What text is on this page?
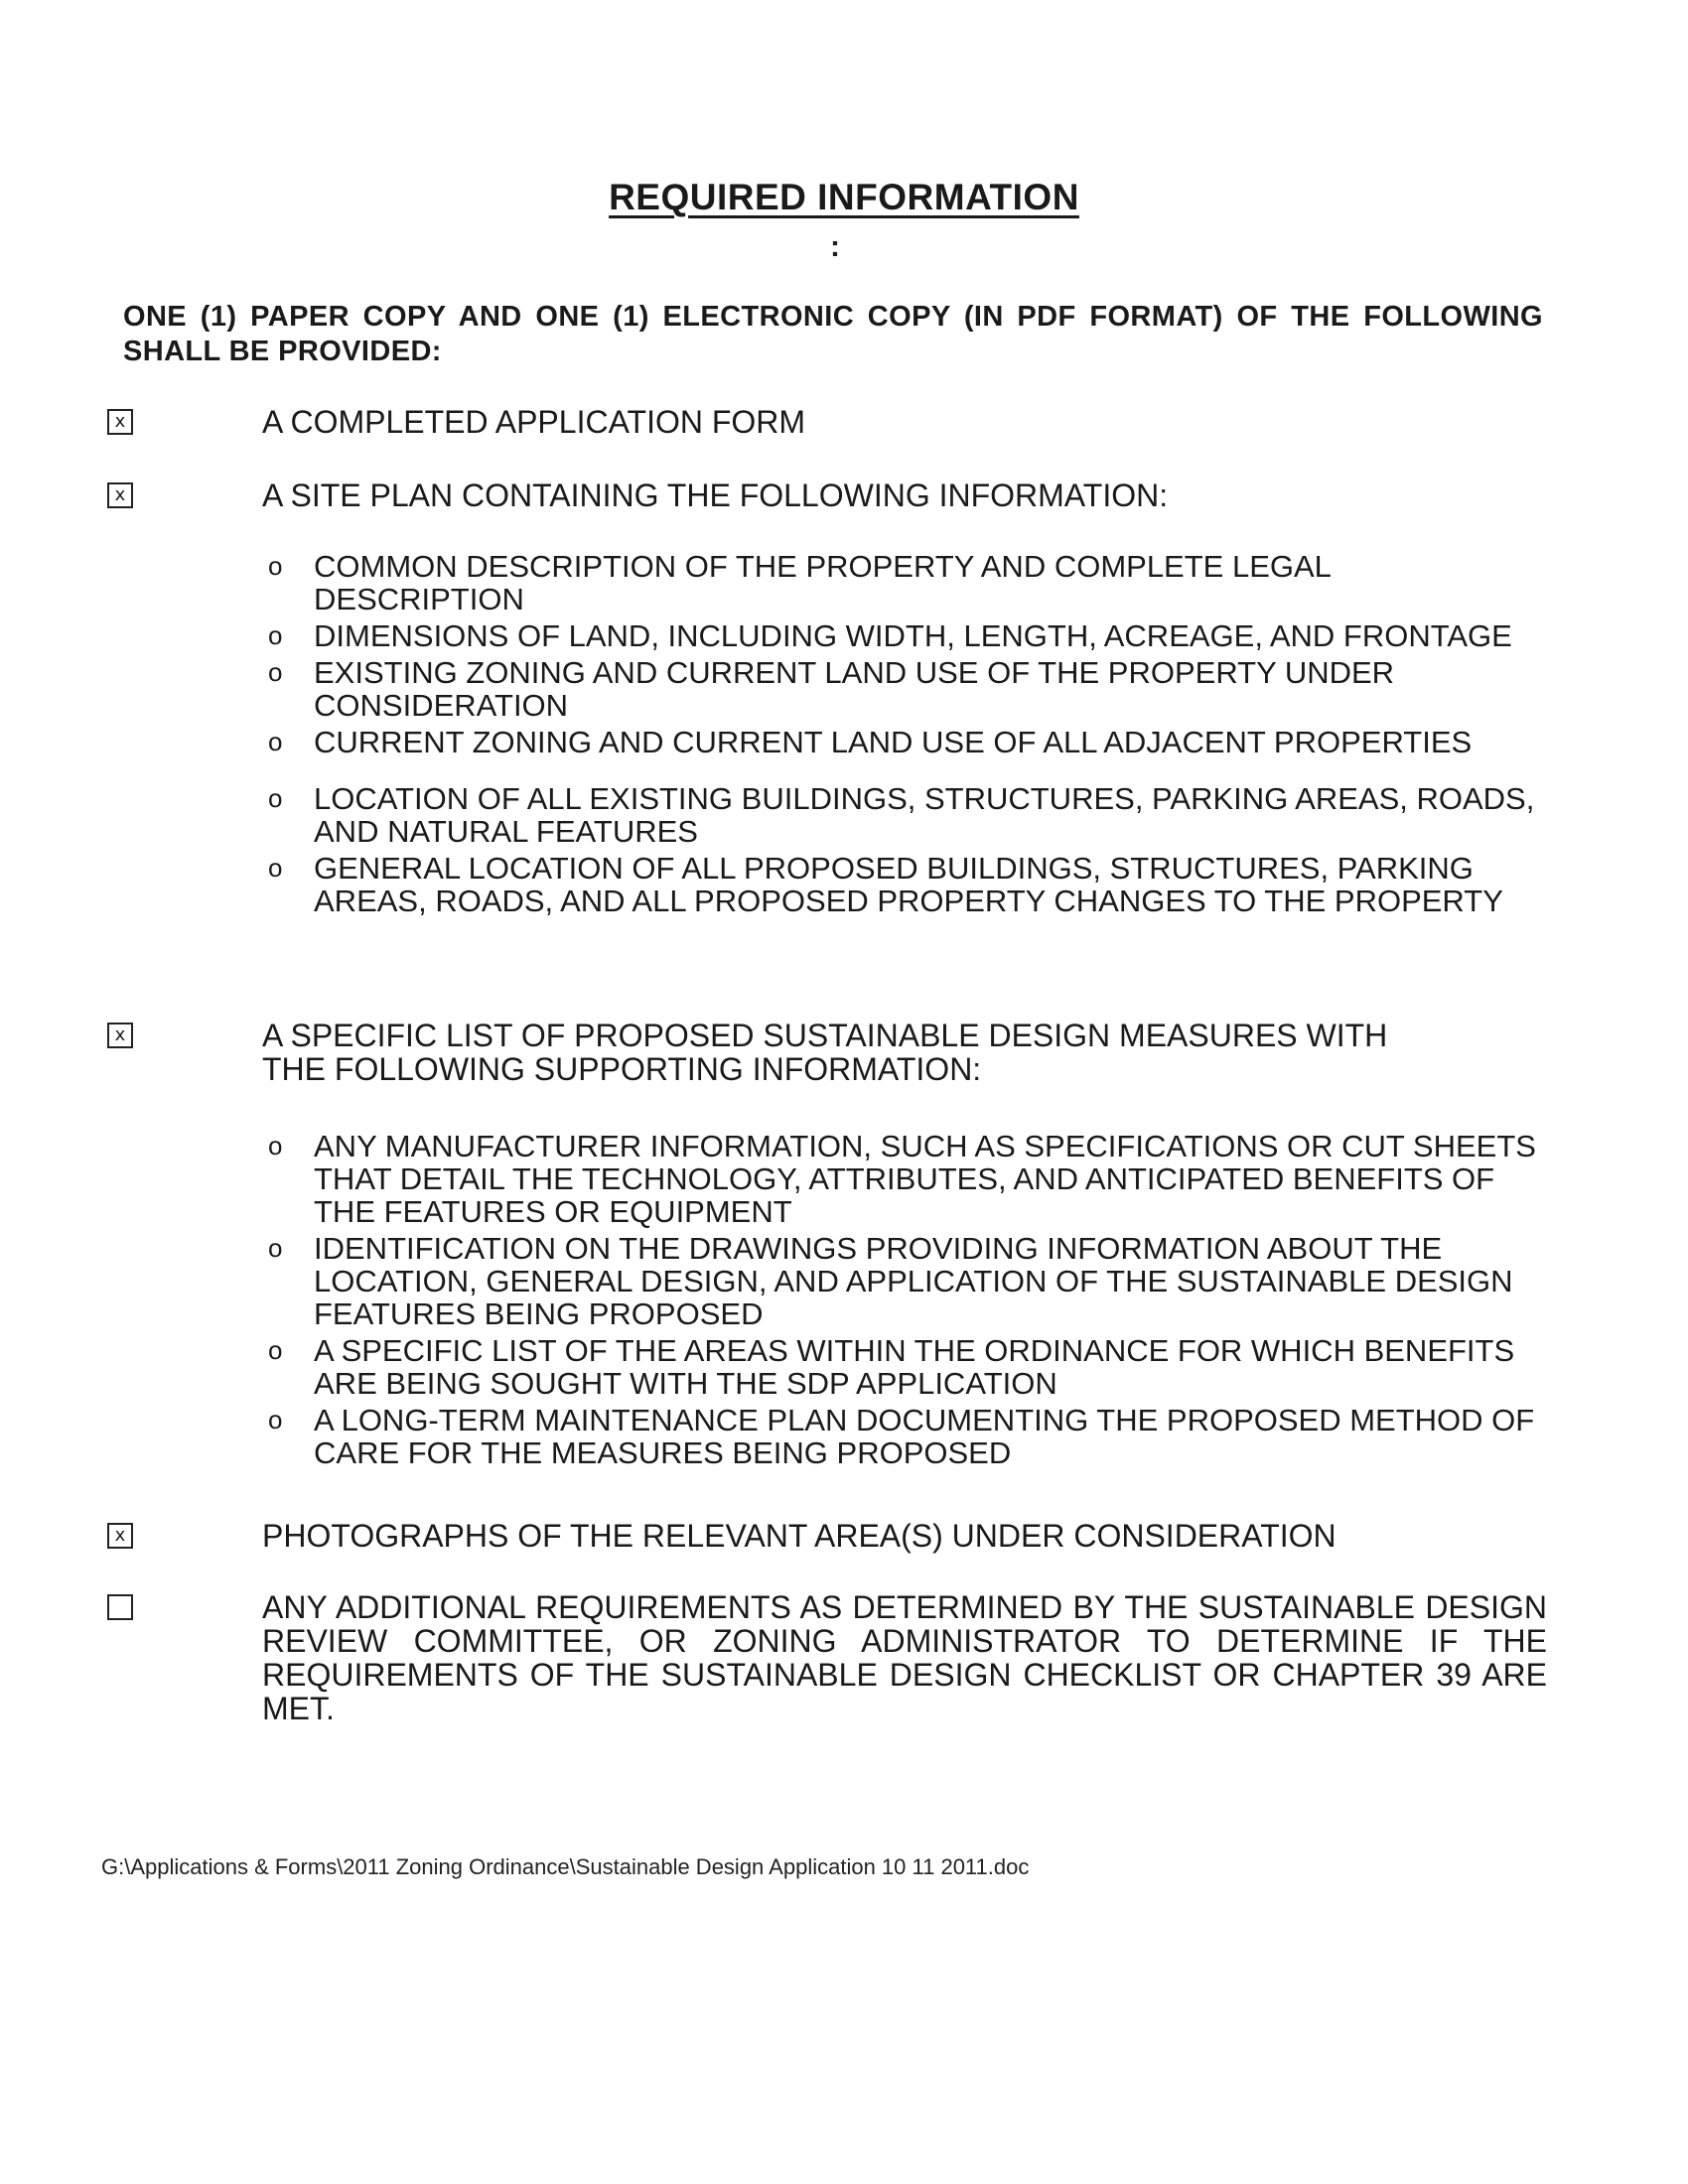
REQUIRED INFORMATION
:
ONE (1) PAPER COPY AND ONE (1) ELECTRONIC COPY (IN PDF FORMAT) OF THE FOLLOWING SHALL BE PROVIDED:
x	A COMPLETED APPLICATION FORM
x	A SITE PLAN CONTAINING THE FOLLOWING INFORMATION:
o COMMON DESCRIPTION OF THE PROPERTY AND COMPLETE LEGAL DESCRIPTION
o DIMENSIONS OF LAND, INCLUDING WIDTH, LENGTH, ACREAGE, AND FRONTAGE
o EXISTING ZONING AND CURRENT LAND USE OF THE PROPERTY UNDER CONSIDERATION
o CURRENT ZONING AND CURRENT LAND USE OF ALL ADJACENT PROPERTIES
o LOCATION OF ALL EXISTING BUILDINGS, STRUCTURES, PARKING AREAS, ROADS, AND NATURAL FEATURES
o GENERAL LOCATION OF ALL PROPOSED BUILDINGS, STRUCTURES, PARKING AREAS, ROADS, AND ALL PROPOSED PROPERTY CHANGES TO THE PROPERTY
x	A SPECIFIC LIST OF PROPOSED SUSTAINABLE DESIGN MEASURES WITH THE FOLLOWING SUPPORTING INFORMATION:
o ANY MANUFACTURER INFORMATION, SUCH AS SPECIFICATIONS OR CUT SHEETS THAT DETAIL THE TECHNOLOGY, ATTRIBUTES, AND ANTICIPATED BENEFITS OF THE FEATURES OR EQUIPMENT
o IDENTIFICATION ON THE DRAWINGS PROVIDING INFORMATION ABOUT THE LOCATION, GENERAL DESIGN, AND APPLICATION OF THE SUSTAINABLE DESIGN FEATURES BEING PROPOSED
o A SPECIFIC LIST OF THE AREAS WITHIN THE ORDINANCE FOR WHICH BENEFITS ARE BEING SOUGHT WITH THE SDP APPLICATION
o A LONG-TERM MAINTENANCE PLAN DOCUMENTING THE PROPOSED METHOD OF CARE FOR THE MEASURES BEING PROPOSED
x	PHOTOGRAPHS OF THE RELEVANT AREA(S) UNDER CONSIDERATION
ANY ADDITIONAL REQUIREMENTS AS DETERMINED BY THE SUSTAINABLE DESIGN REVIEW COMMITTEE, OR ZONING ADMINISTRATOR TO DETERMINE IF THE REQUIREMENTS OF THE SUSTAINABLE DESIGN CHECKLIST OR CHAPTER 39 ARE MET.
G:\Applications & Forms\2011 Zoning Ordinance\Sustainable Design Application 10 11 2011.doc
